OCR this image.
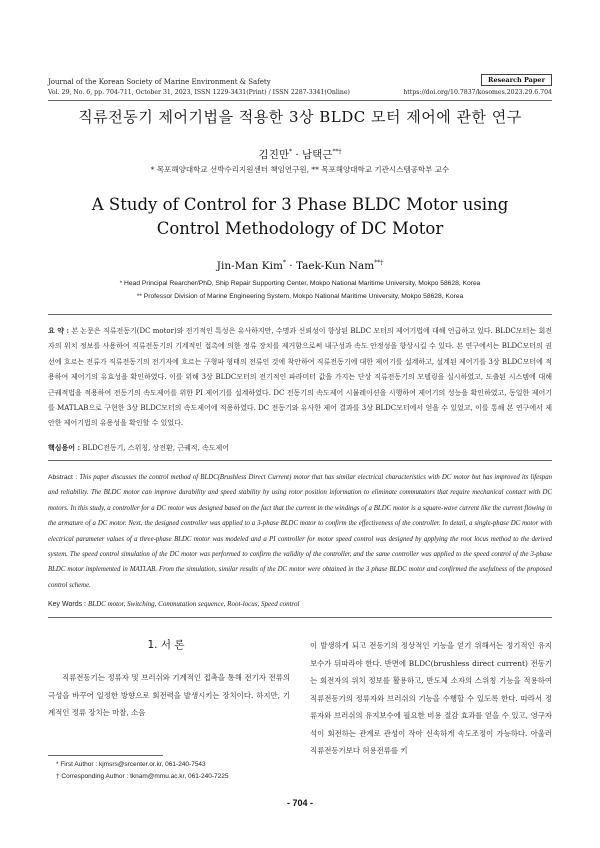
Journal of the Korean Society of Marine Environment & Safety	Research Paper
Vol. 29, No. 6, pp. 704-711, October 31, 2023, ISSN 1229-3431(Print) / ISSN 2287-3341(Online)	https://doi.org/10.7837/kosomes.2023.29.6.704
직류전동기 제어기법을 적용한 3상 BLDC 모터 제어에 관한 연구
김진만* · 남택근**†
* 목포해양대학교 선박수리지원센터 책임연구원, ** 목포해양대학교 기관시스템공학부 교수
A Study of Control for 3 Phase BLDC Motor using Control Methodology of DC Motor
Jin-Man Kim* · Taek-Kun Nam**†
* Head Principal Rearcher/PhD, Ship Repair Supporting Center, Mokpo National Maritime University, Mokpo 58628, Korea
** Professor Division of Marine Engineering System, Mokpo National Maritime University, Mokpo 58628, Korea
요 약 : 본 논문은 직류전동기(DC motor)와 전기적인 특성은 유사하지만, 수명과 신뢰성이 향상된 BLDC 모터의 제어기법에 대해 언급하고 있다. BLDC모터는 회전자의 위치 정보를 사용하여 직류전동기의 기계적인 접촉에 의한 정류 장치를 제거함으로써 내구성과 속도 안정성을 향상시킬 수 있다. 본 연구에서는 BLDC모터의 권선에 흐르는 전류가 직류전동기의 전기자에 흐르는 구형파 형태의 전류인 것에 착안하여 직류전동기에 대한 제어기를 설계하고, 설계된 제어기를 3상 BLDC모터에 적용하여 제어기의 유효성을 확인하였다. 이를 위해 3상 BLDC모터의 전기적인 파라미터 값을 가지는 단상 직류전동기의 모델링을 실시하였고, 도출된 시스템에 대해 근궤적법을 적용하여 전동기의 속도제어를 위한 PI 제어기를 설계하였다. DC 전동기의 속도제어 시뮬레이션을 시행하여 제어기의 성능을 확인하였고, 동일한 제어기를 MATLAB으로 구현한 3상 BLDC모터의 속도제어에 적용하였다. DC 전동기와 유사한 제어 결과를 3상 BLDC모터에서 얻을 수 있었고, 이를 통해 본 연구에서 제안한 제어기법의 유용성을 확인할 수 있었다.
핵심용어 : BLDC전동기, 스위칭, 상전환, 근궤적, 속도제어
Abstract : This paper discusses the control method of BLDC(Brushless Direct Current) motor that has similar electrical characteristics with DC motor but has improved its lifespan and reliability. The BLDC motor can improve durability and speed stability by using rotor position information to eliminate commutators that require mechanical contact with DC motors. In this study, a controller for a DC motor was designed based on the fact that the current in the windings of a BLDC motor is a square-wave current like the current flowing in the armature of a DC motor. Next, the designed controller was applied to a 3-phase BLDC motor to confirm the effectiveness of the controller. In detail, a single-phase DC motor with electrical parameter values of a three-phase BLDC motor was modeled and a PI controller for motor speed control was designed by applying the root locus method to the derived system. The speed control simulation of the DC motor was performed to confirm the validity of the controller, and the same controller was applied to the speed control of the 3-phase BLDC motor implemented in MATLAB. From the simulation, similar results of the DC motor were obtained in the 3 phase BLDC motor and confirmed the usefulness of the proposed control scheme.
Key Words : BLDC motor, Switching, Commutation sequence, Root-locus, Speed control
1. 서 론
직류전동기는 정류자 및 브러쉬와 기계적인 접촉을 통해 전기자 전류의 극성을 바꾸어 일정한 방향으로 회전력을 발생시키는 장치이다. 하지만, 기계적인 정류 장치는 마찰, 소음
이 발생하게 되고 전동기의 정상적인 기능을 얻기 위해서는 정기적인 유지보수가 뒤따라야 한다. 반면에 BLDC(brushless direct current) 전동기는 회전자의 위치 정보를 활용하고, 반도체 소자의 스위칭 기능을 적용하여 직류전동기의 정류자와 브러쉬의 기능을 수행할 수 있도록 한다. 따라서 정류자와 브러쉬의 유지보수에 필요한 비용 절감 효과를 얻을 수 있고, 영구자석이 회전하는 관계로 관성이 작아 신속하게 속도조정이 가능하다. 아울러 직류전동기보다 허용전류를 키
* First Author : kjmsrs@srcenter.or.kr, 061-240-7543
† Corresponding Author : tknam@mmu.ac.kr, 061-240-7225
- 704 -
